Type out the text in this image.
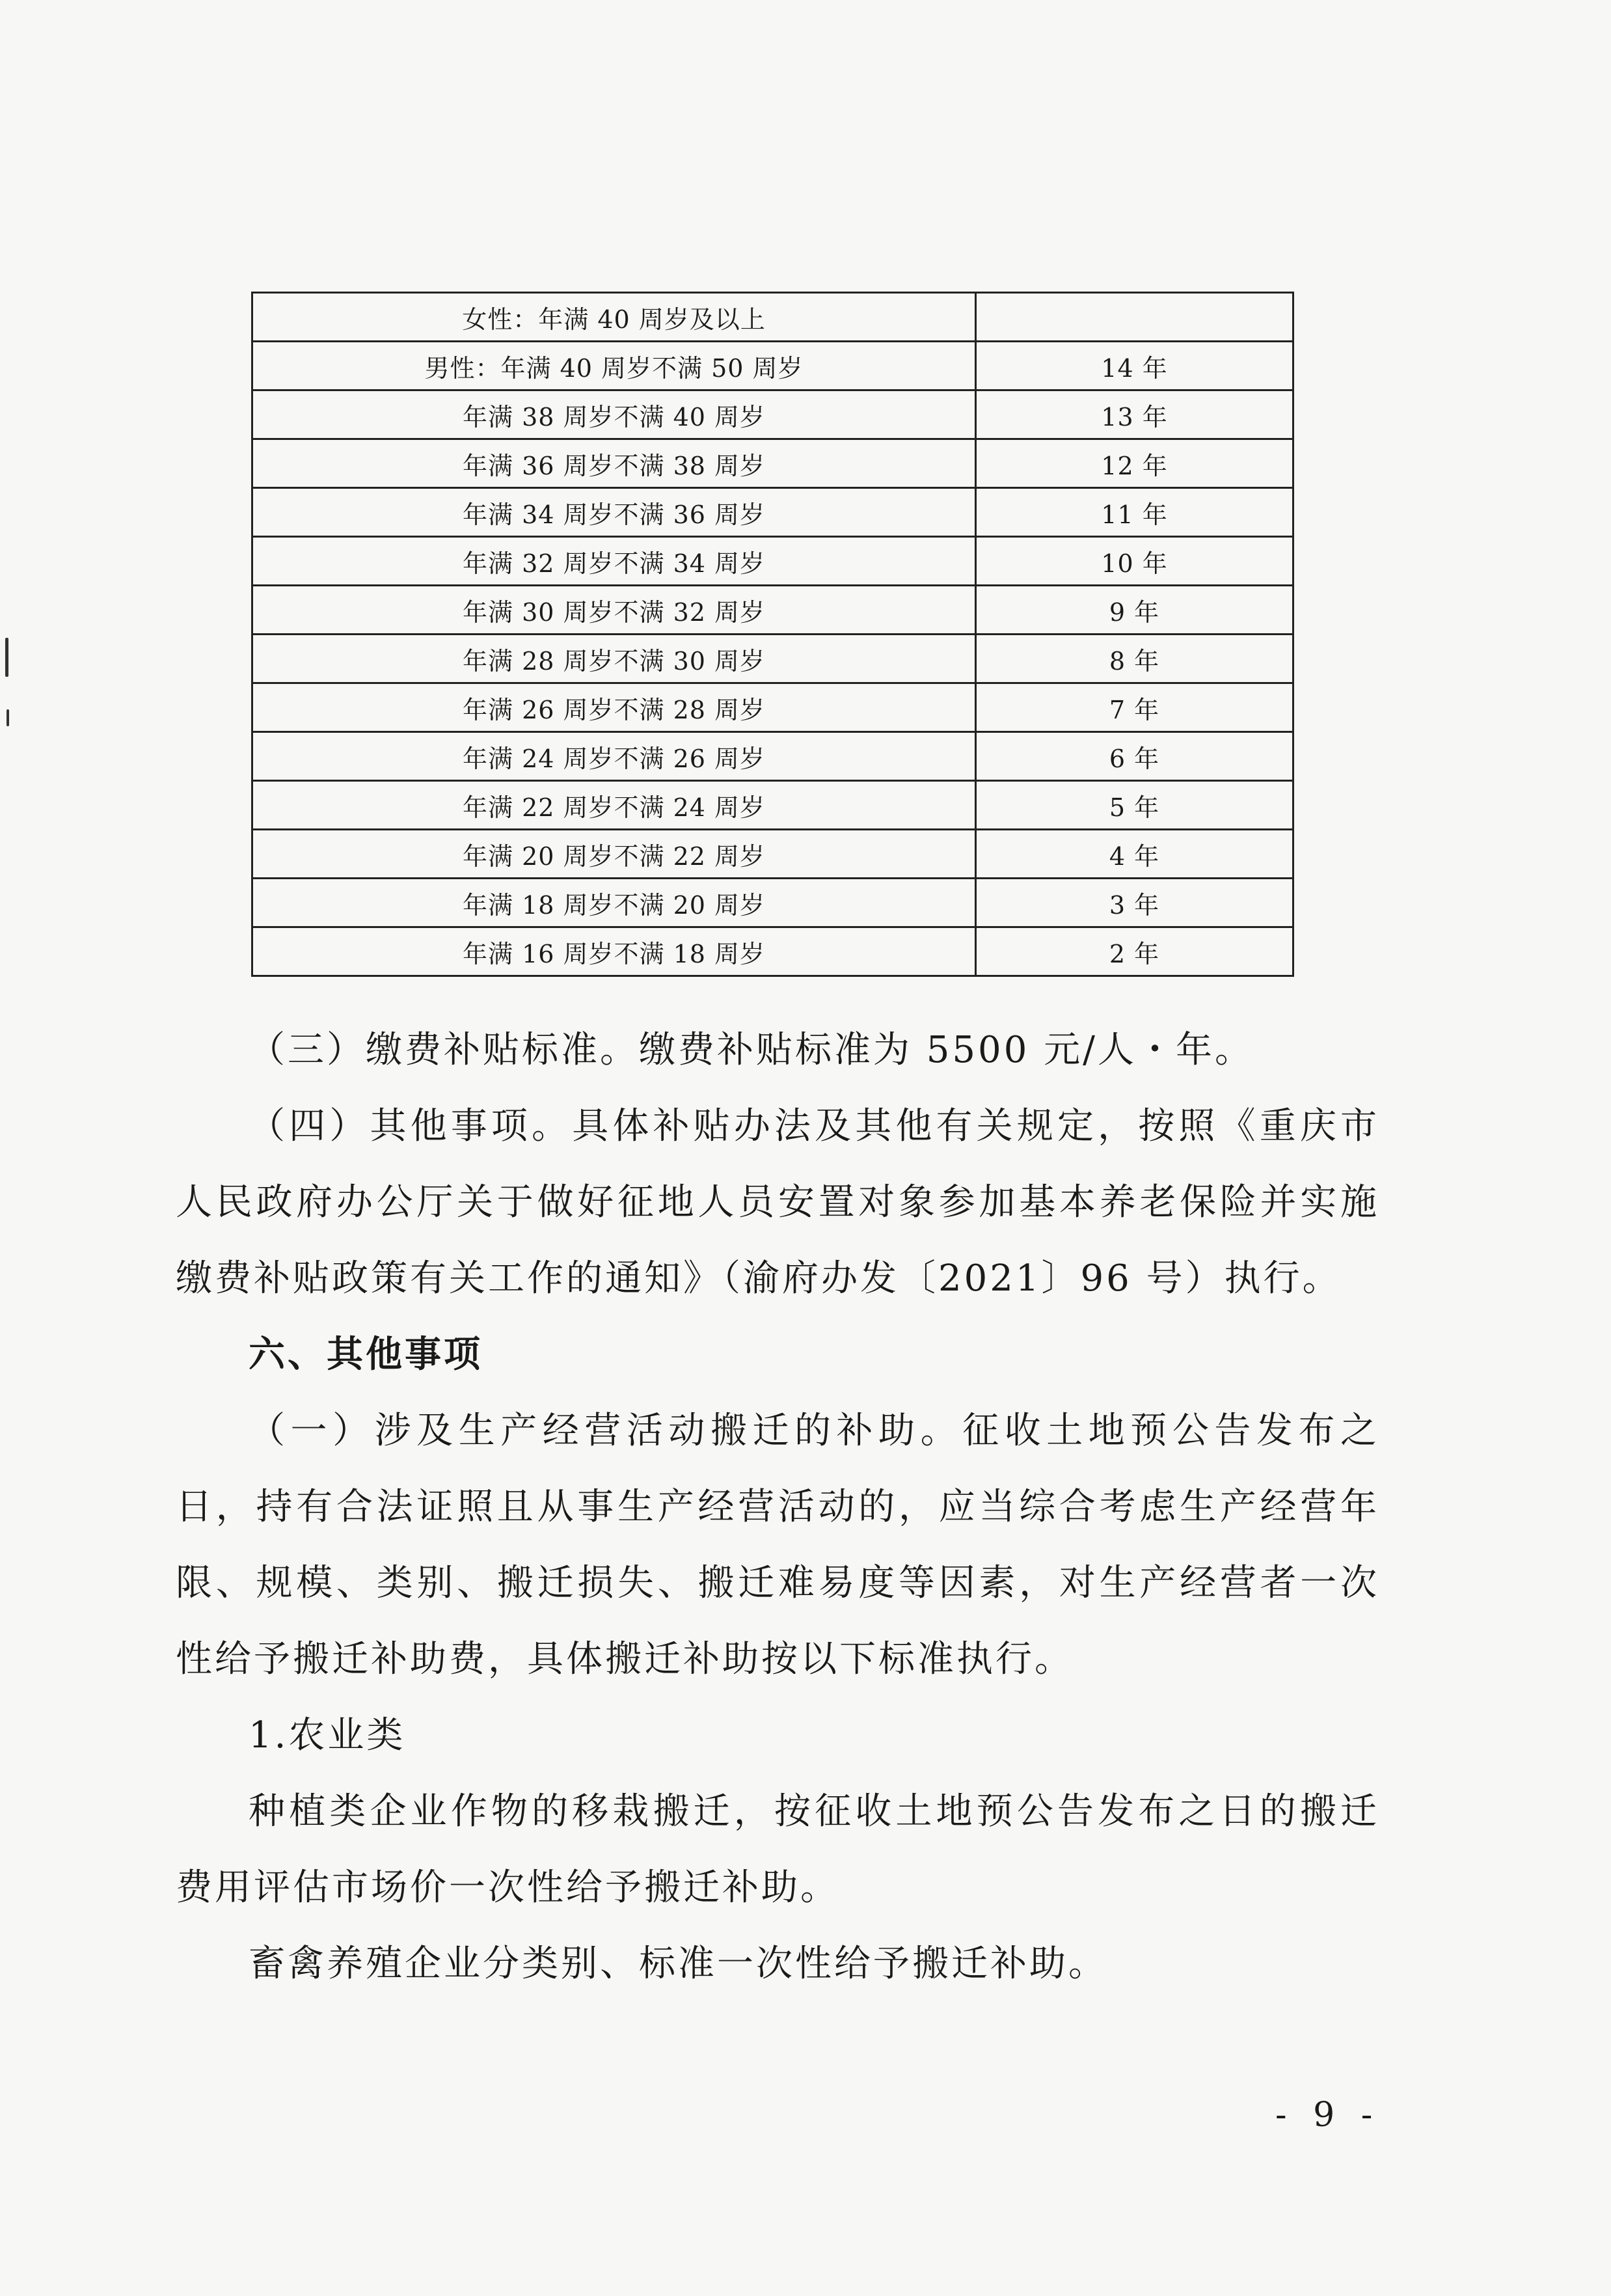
女性：年满 40 周岁及以上	
男性：年满 40 周岁不满 50 周岁	14 年
年满 38 周岁不满 40 周岁	13 年
年满 36 周岁不满 38 周岁	12 年
年满 34 周岁不满 36 周岁	11 年
年满 32 周岁不满 34 周岁	10 年
年满 30 周岁不满 32 周岁	9 年
年满 28 周岁不满 30 周岁	8 年
年满 26 周岁不满 28 周岁	7 年
年满 24 周岁不满 26 周岁	6 年
年满 22 周岁不满 24 周岁	5 年
年满 20 周岁不满 22 周岁	4 年
年满 18 周岁不满 20 周岁	3 年
年满 16 周岁不满 18 周岁	2 年

（三）缴费补贴标准。缴费补贴标准为 5500 元/人・年。

（四）其他事项。具体补贴办法及其他有关规定，按照《重庆市人民政府办公厅关于做好征地人员安置对象参加基本养老保险并实施缴费补贴政策有关工作的通知》（渝府办发〔2021〕96 号）执行。

六、其他事项

（一）涉及生产经营活动搬迁的补助。征收土地预公告发布之日，持有合法证照且从事生产经营活动的，应当综合考虑生产经营年限、规模、类别、搬迁损失、搬迁难易度等因素，对生产经营者一次性给予搬迁补助费，具体搬迁补助按以下标准执行。

1.农业类

种植类企业作物的移栽搬迁，按征收土地预公告发布之日的搬迁费用评估市场价一次性给予搬迁补助。

畜禽养殖企业分类别、标准一次性给予搬迁补助。

- 9 -
